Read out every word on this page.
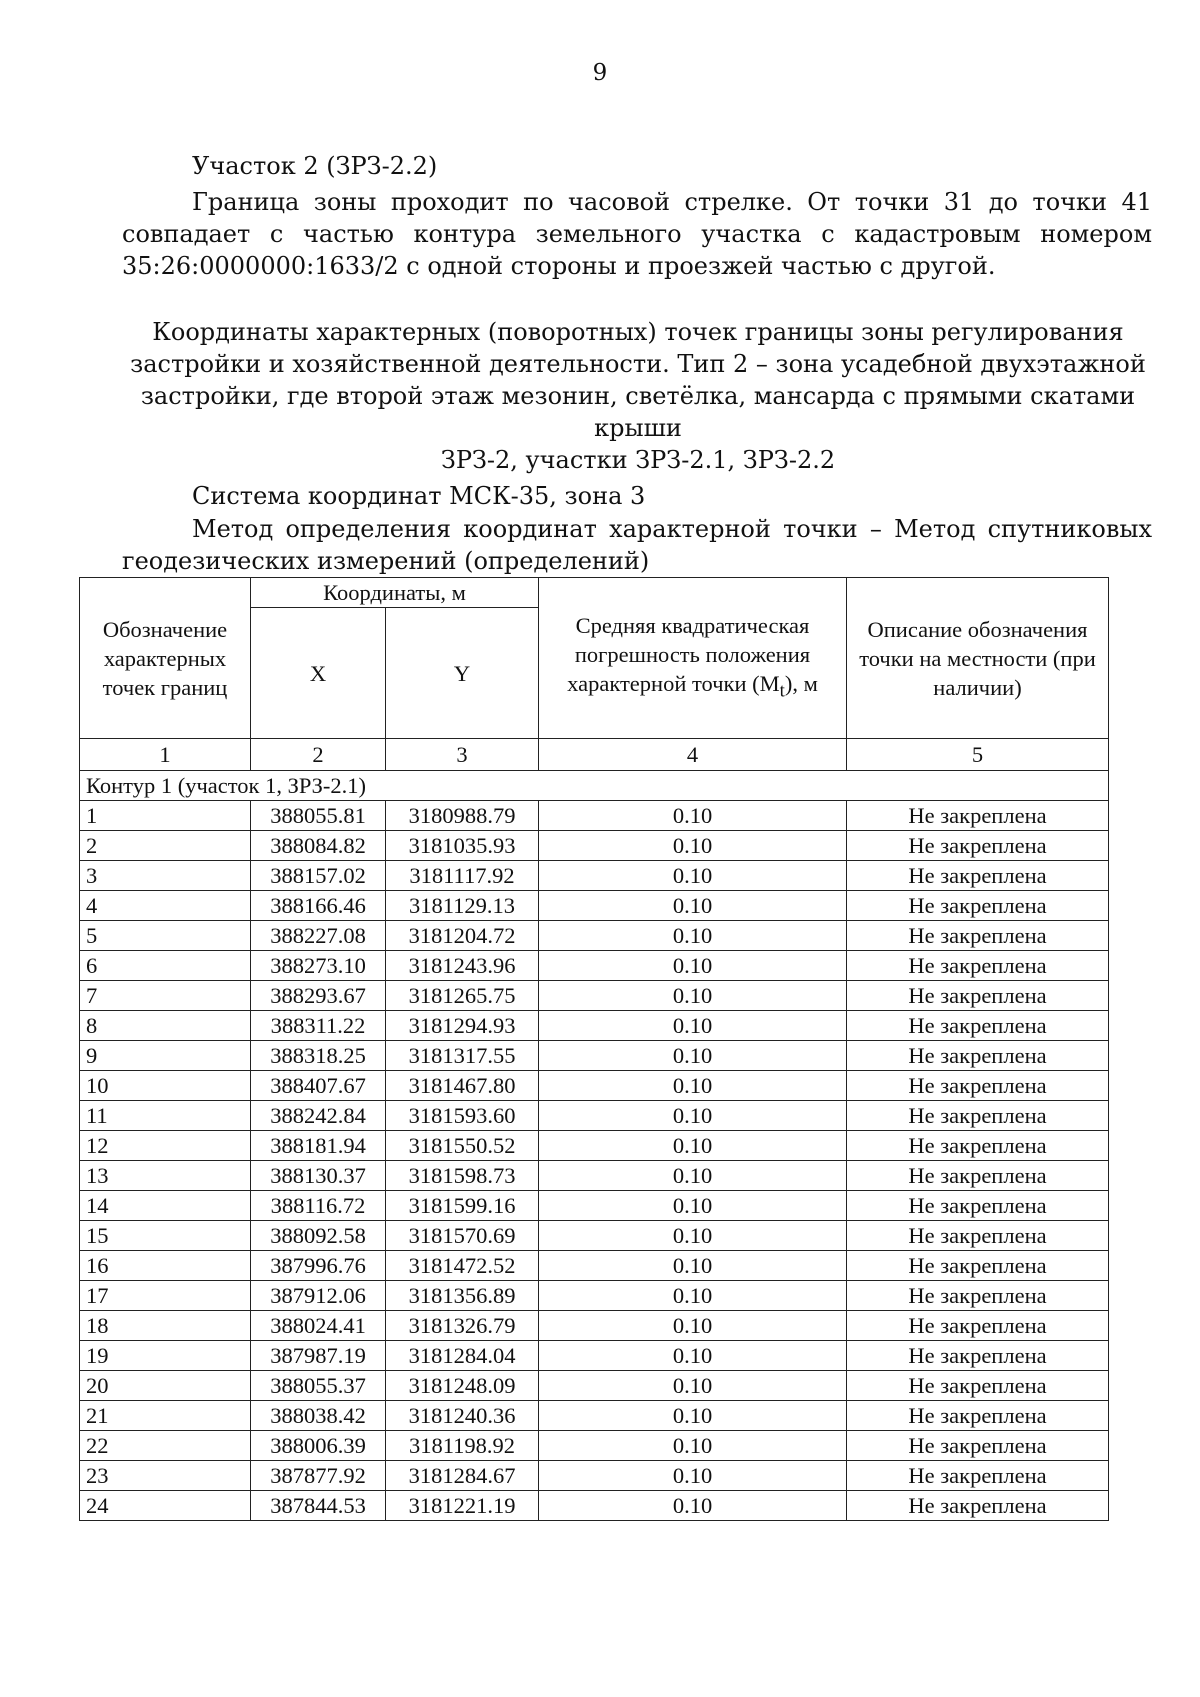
9
Участок 2 (ЗРЗ-2.2)
Граница зоны проходит по часовой стрелке. От точки 31 до точки 41 совпадает с частью контура земельного участка с кадастровым номером 35:26:0000000:1633/2 с одной стороны и проезжей частью с другой.
Координаты характерных (поворотных) точек границы зоны регулирования
застройки и хозяйственной деятельности. Тип 2 – зона усадебной двухэтажной
застройки, где второй этаж мезонин, светёлка, мансарда с прямыми скатами крыши
ЗРЗ-2, участки ЗРЗ-2.1, ЗРЗ-2.2
Система координат МСК-35, зона 3
Метод определения координат характерной точки – Метод спутниковых геодезических измерений (определений)
Обозначение характерных точек границ	Координаты, м		Средняя квадратическая погрешность положения характерной точки $(M_t)$, м	Описание обозначения точки на местности (при наличии)
	X	Y		
1	2	3	4	5
Контур 1 (участок 1, ЗРЗ-2.1)				
1	388055.81	3180988.79	0.10	Не закреплена
2	388084.82	3181035.93	0.10	Не закреплена
3	388157.02	3181117.92	0.10	Не закреплена
4	388166.46	3181129.13	0.10	Не закреплена
5	388227.08	3181204.72	0.10	Не закреплена
6	388273.10	3181243.96	0.10	Не закреплена
7	388293.67	3181265.75	0.10	Не закреплена
8	388311.22	3181294.93	0.10	Не закреплена
9	388318.25	3181317.55	0.10	Не закреплена
10	388407.67	3181467.80	0.10	Не закреплена
11	388242.84	3181593.60	0.10	Не закреплена
12	388181.94	3181550.52	0.10	Не закреплена
13	388130.37	3181598.73	0.10	Не закреплена
14	388116.72	3181599.16	0.10	Не закреплена
15	388092.58	3181570.69	0.10	Не закреплена
16	387996.76	3181472.52	0.10	Не закреплена
17	387912.06	3181356.89	0.10	Не закреплена
18	388024.41	3181326.79	0.10	Не закреплена
19	387987.19	3181284.04	0.10	Не закреплена
20	388055.37	3181248.09	0.10	Не закреплена
21	388038.42	3181240.36	0.10	Не закреплена
22	388006.39	3181198.92	0.10	Не закреплена
23	387877.92	3181284.67	0.10	Не закреплена
24	387844.53	3181221.19	0.10	Не закреплена
